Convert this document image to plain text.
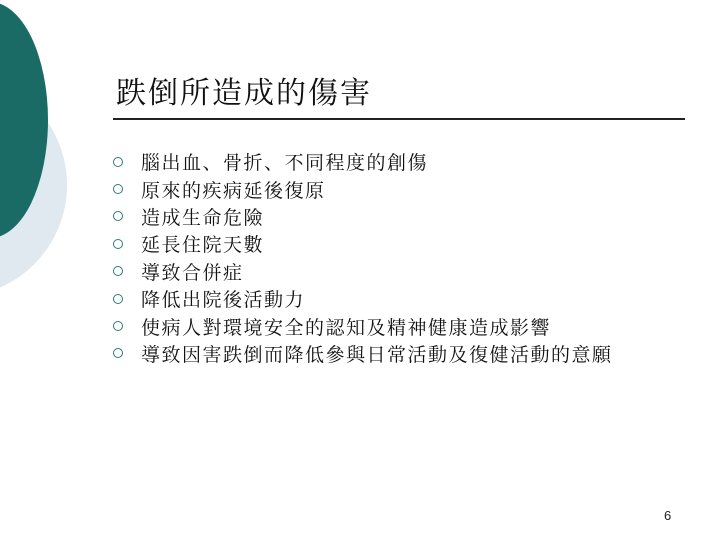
跌倒所造成的傷害
腦出血、骨折、不同程度的創傷
原來的疾病延後復原
造成生命危險
延長住院天數
導致合併症
降低出院後活動力
使病人對環境安全的認知及精神健康造成影響
導致因害跌倒而降低參與日常活動及復健活動的意願
6
